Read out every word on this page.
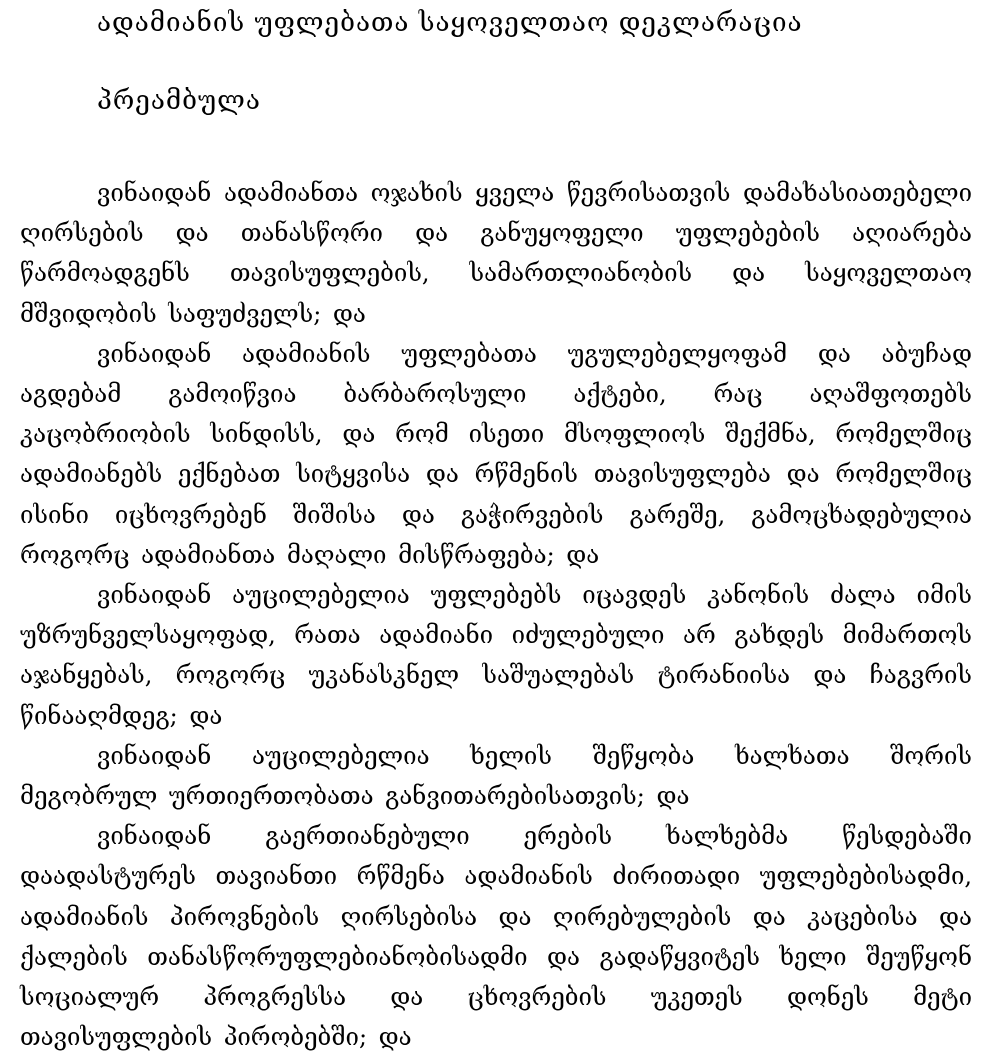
ადამიანის უფლებათა საყოველთაო დეკლარაცია
პრეამბულა

ვინაიდან ადამიანთა ოჯახის ყველა წევრისათვის დამახასიათებელი ღირსების და თანასწორი და განუყოფელი უფლებების აღიარება წარმოადგენს თავისუფლების, სამართლიანობის და საყოველთაო მშვიდობის საფუძველს; და

ვინაიდან ადამიანის უფლებათა უგულებელყოფამ და აბუჩად აგდებამ გამოიწვია ბარბაროსული აქტები, რაც აღაშფოთებს კაცობრიობის სინდისს, და რომ ისეთი მსოფლიოს შექმნა, რომელშიც ადამიანებს ექნებათ სიტყვისა და რწმენის თავისუფლება და რომელშიც ისინი იცხოვრებენ შიშისა და გაჭირვების გარეშე, გამოცხადებულია როგორც ადამიანთა მაღალი მისწრაფება; და

ვინაიდან აუცილებელია უფლებებს იცავდეს კანონის ძალა იმის უზრუნველსაყოფად, რათა ადამიანი იძულებული არ გახდეს მიმართოს აჯანყებას, როგორც უკანასკნელ საშუალებას ტირანიისა და ჩაგვრის წინააღმდეგ; და

ვინაიდან აუცილებელია ხელის შეწყობა ხალხათა შორის მეგობრულ ურთიერთობათა განვითარებისათვის; და

ვინაიდან გაერთიანებული ერების ხალხებმა წესდებაში დაადასტურეს თავიანთი რწმენა ადამიანის ძირითადი უფლებებისადმი, ადამიანის პიროვნების ღირსებისა და ღირებულების და კაცებისა და ქალების თანასწორუფლებიანობისადმი და გადაწყვიტეს ხელი შეუწყონ სოციალურ პროგრესსა და ცხოვრების უკეთეს დონეს მეტი თავისუფლების პირობებში; და
